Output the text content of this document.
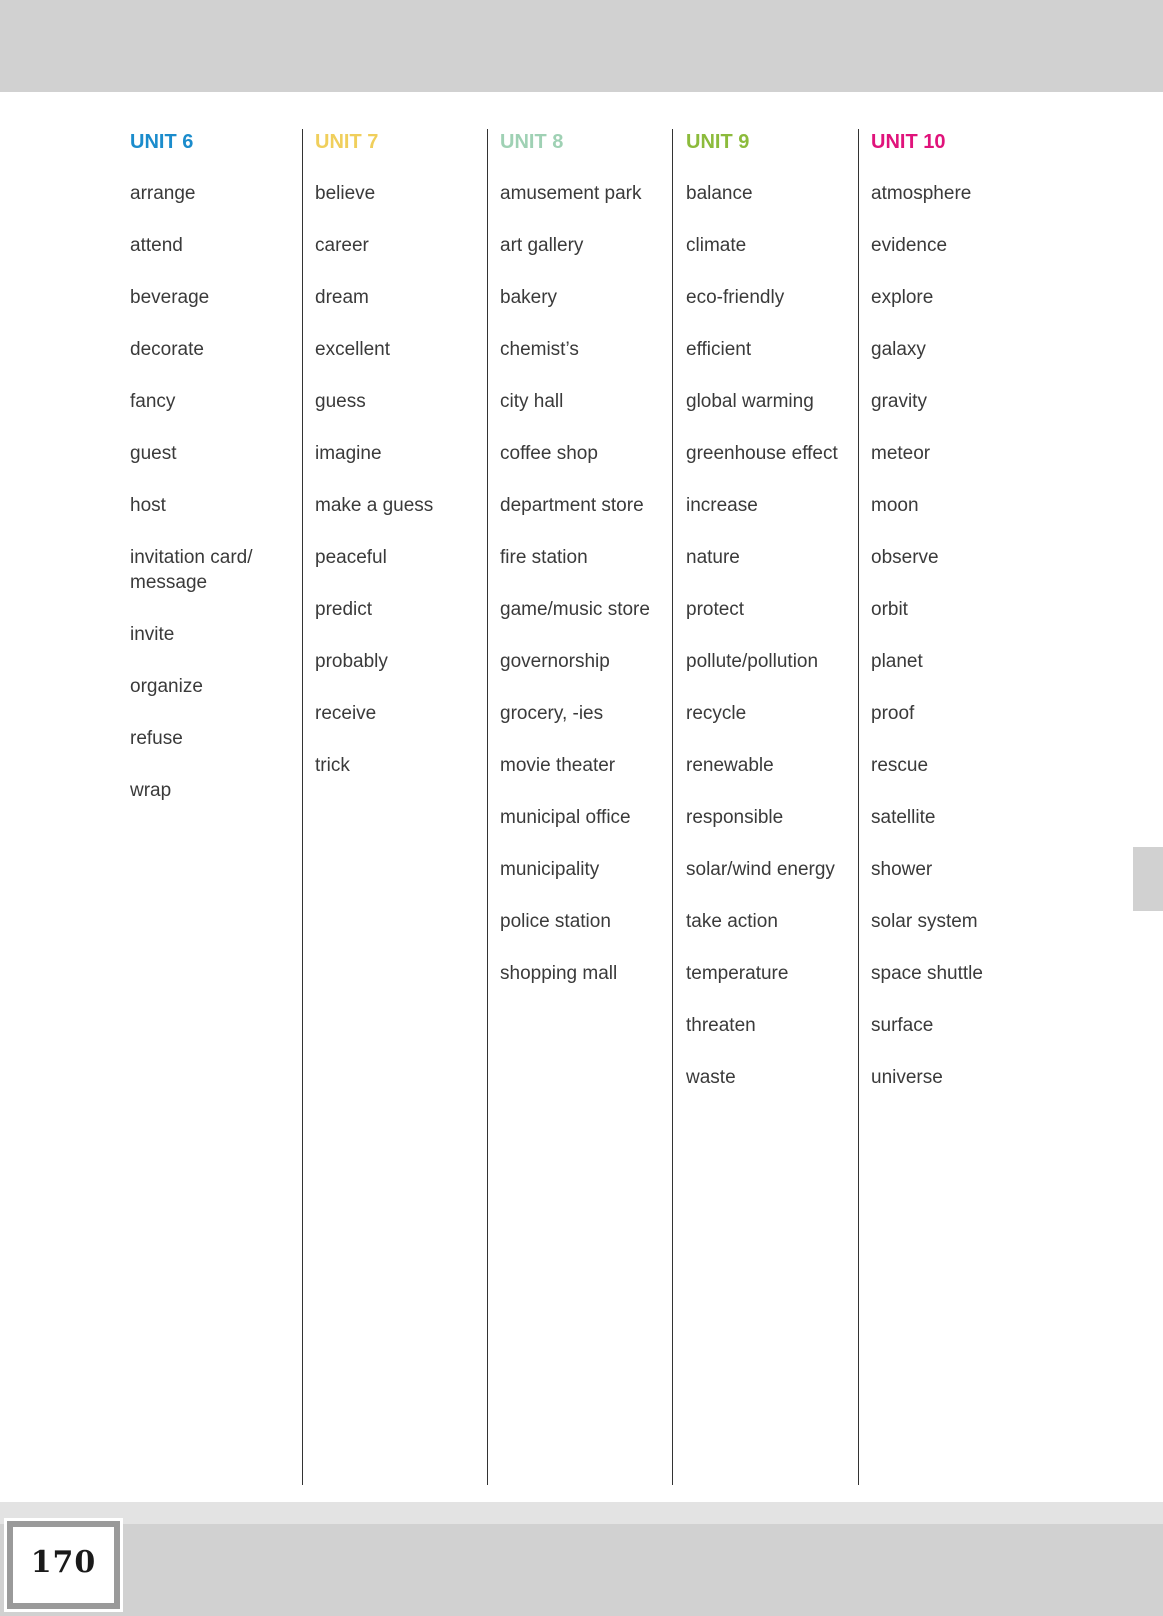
UNIT 6
arrange
attend
beverage
decorate
fancy
guest
host
invitation card/ message
invite
organize
refuse
wrap
UNIT 7
believe
career
dream
excellent
guess
imagine
make a guess
peaceful
predict
probably
receive
trick
UNIT 8
amusement park
art gallery
bakery
chemist’s
city hall
coffee shop
department store
fire station
game/music store
governorship
grocery, -ies
movie theater
municipal office
municipality
police station
shopping mall
UNIT 9
balance
climate
eco-friendly
efficient
global warming
greenhouse effect
increase
nature
protect
pollute/pollution
recycle
renewable
responsible
solar/wind energy
take action
temperature
threaten
waste
UNIT 10
atmosphere
evidence
explore
galaxy
gravity
meteor
moon
observe
orbit
planet
proof
rescue
satellite
shower
solar system
space shuttle
surface
universe
170
